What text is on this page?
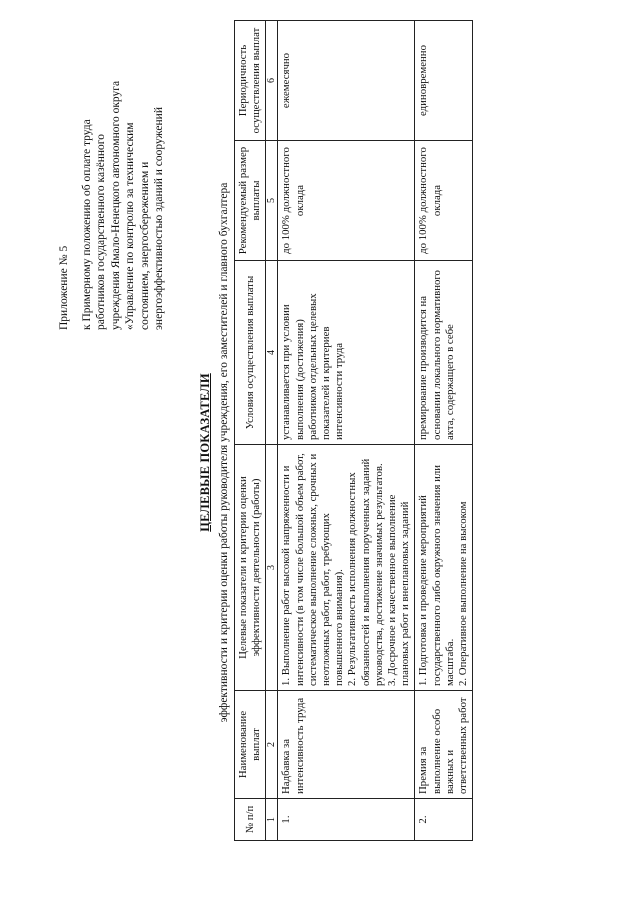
Приложение № 5 к Примерному положению об оплате труда работников государственного казённого учреждения Ямало-Ненецкого автономного округа «Управление по контролю за техническим состоянием, энергосбережением и энергоэффективностью зданий и сооружений
ЦЕЛЕВЫЕ ПОКАЗАТЕЛИ эффективности и критерии оценки работы руководителя учреждения, его заместителей и главного бухгалтера
№ п/п	Наименование выплат	Целевые показатели и критерии оценки эффективности деятельности (работы)	Условия осуществления выплаты	Рекомендуемый размер выплаты	Периодичность осуществления выплат
1	2	3	4	5	6
1.	Надбавка за интенсивность труда	1. Выполнение работ высокой напряженности и интенсивности (в том числе большой объем работ, систематическое выполнение сложных, срочных и неотложных работ, работ, требующих повышенного внимания). 2. Результативность исполнения должностных обязанностей и выполнения порученных заданий руководства, достижение значимых результатов. 3. Досрочное и качественное выполнение плановых работ и внеплановых заданий	устанавливается при условии выполнения (достижения) работником отдельных целевых показателей и критериев интенсивности труда	до 100% должностного оклада	ежемесячно
2.	Премия за выполнение особо важных и ответственных работ	1. Подготовка и проведение мероприятий государственного либо окружного значения или масштаба. 2. Оперативное выполнение на высоком	премирование производится на основании локального нормативного акта, содержащего в себе	до 100% должностного оклада	единовременно
